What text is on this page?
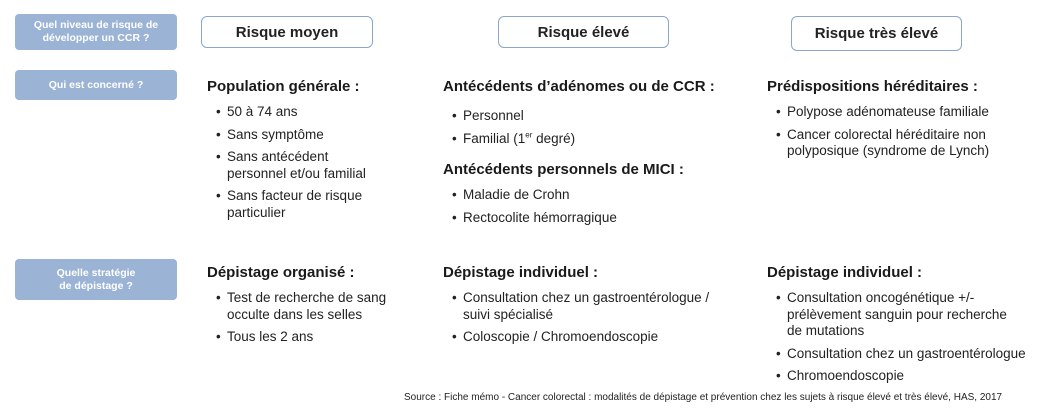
Quel niveau de risque de
développer un CCR ?
Qui est concerné ?
Quelle stratégie
de dépistage ?
Risque moyen	Risque élevé	Risque très élevé
Population générale :
• 50 à 74 ans
• Sans symptôme
• Sans antécédent personnel et/ou familial
• Sans facteur de risque particulier
Antécédents d’adénomes ou de CCR :
• Personnel
• Familial (1er degré)
Antécédents personnels de MICI :
• Maladie de Crohn
• Rectocolite hémorragique
Prédispositions héréditaires :
• Polypose adénomateuse familiale
• Cancer colorectal héréditaire non polyposique (syndrome de Lynch)
Dépistage organisé :
• Test de recherche de sang occulte dans les selles
• Tous les 2 ans
Dépistage individuel :
• Consultation chez un gastroentérologue / suivi spécialisé
• Coloscopie / Chromoendoscopie
Dépistage individuel :
• Consultation oncogénétique +/- prélèvement sanguin pour recherche de mutations
• Consultation chez un gastroentérologue
• Chromoendoscopie
Source : Fiche mémo - Cancer colorectal : modalités de dépistage et prévention chez les sujets à risque élevé et très élevé, HAS, 2017
